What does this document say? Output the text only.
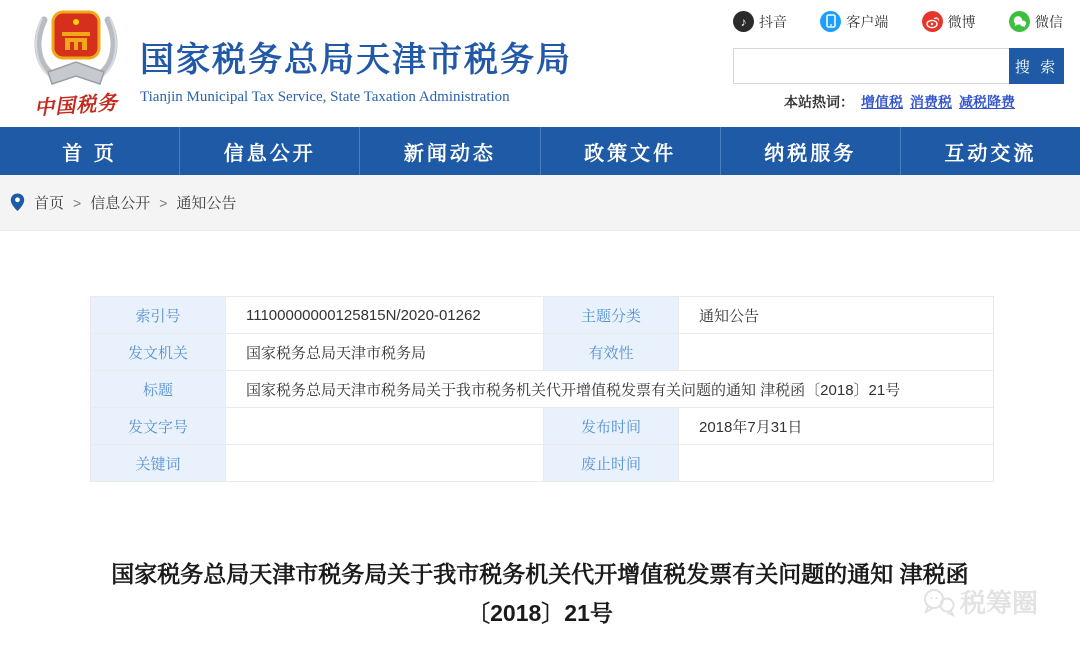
中国税务
国家税务总局天津市税务局
Tianjin Municipal Tax Service, State Taxation Administration
♪ 抖音	客户端	微博	微信
搜 索
本站热词： 增值税 消费税 减税降费
首 页	信息公开	新闻动态	政策文件	纳税服务	互动交流
首页 > 信息公开 > 通知公告
索引号	11100000000125815N/2020-01262	主题分类	通知公告
发文机关	国家税务总局天津市税务局	有效性	
标题	国家税务总局天津市税务局关于我市税务机关代开增值税发票有关问题的通知 津税函〔2018〕21号		
发文字号		发布时间	2018年7月31日
关键词		废止时间	
国家税务总局天津市税务局关于我市税务机关代开增值税发票有关问题的通知 津税函〔2018〕21号	税筹圈
